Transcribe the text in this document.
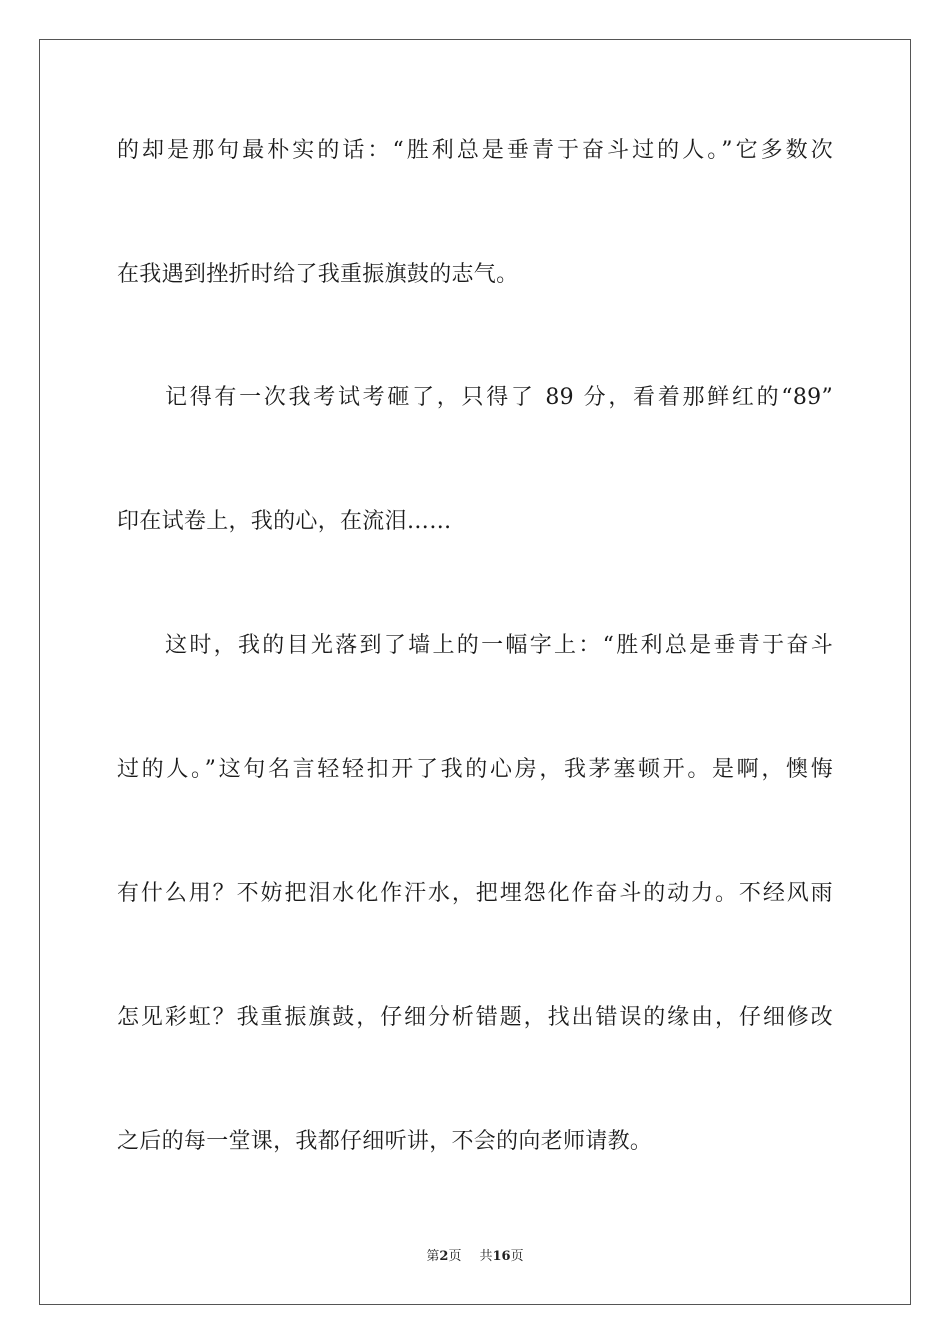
的却是那句最朴实的话：“胜利总是垂青于奋斗过的人。”它多数次
在我遇到挫折时给了我重振旗鼓的志气。
记得有一次我考试考砸了，只得了 89 分，看着那鲜红的“89”
印在试卷上，我的心，在流泪……
这时，我的目光落到了墙上的一幅字上：“胜利总是垂青于奋斗
过的人。”这句名言轻轻扣开了我的心房，我茅塞顿开。是啊，懊悔
有什么用？不妨把泪水化作汗水，把埋怨化作奋斗的动力。不经风雨
怎见彩虹？我重振旗鼓，仔细分析错题，找出错误的缘由，仔细修改
之后的每一堂课，我都仔细听讲，不会的向老师请教。
第2页 共16页
